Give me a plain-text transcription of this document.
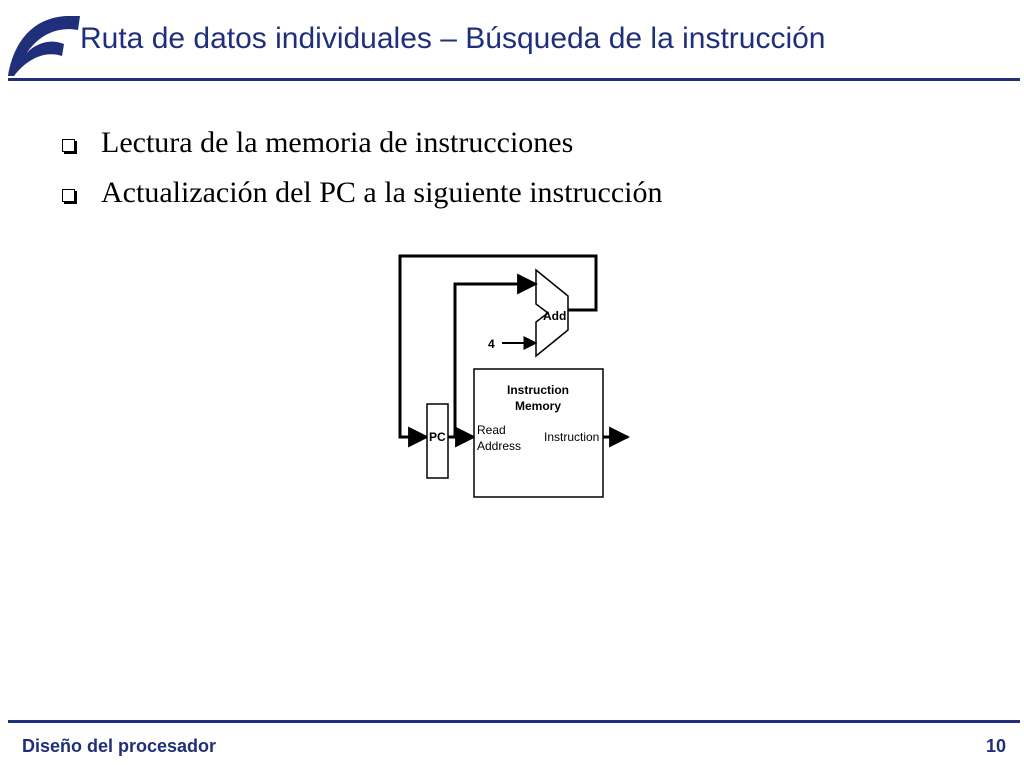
Ruta de datos individuales – Búsqueda de la instrucción
Lectura de la memoria de instrucciones
Actualización del PC a la siguiente instrucción
Add
4
PC
Instruction
Memory
Read
Address
Instruction
Diseño del procesador	10
